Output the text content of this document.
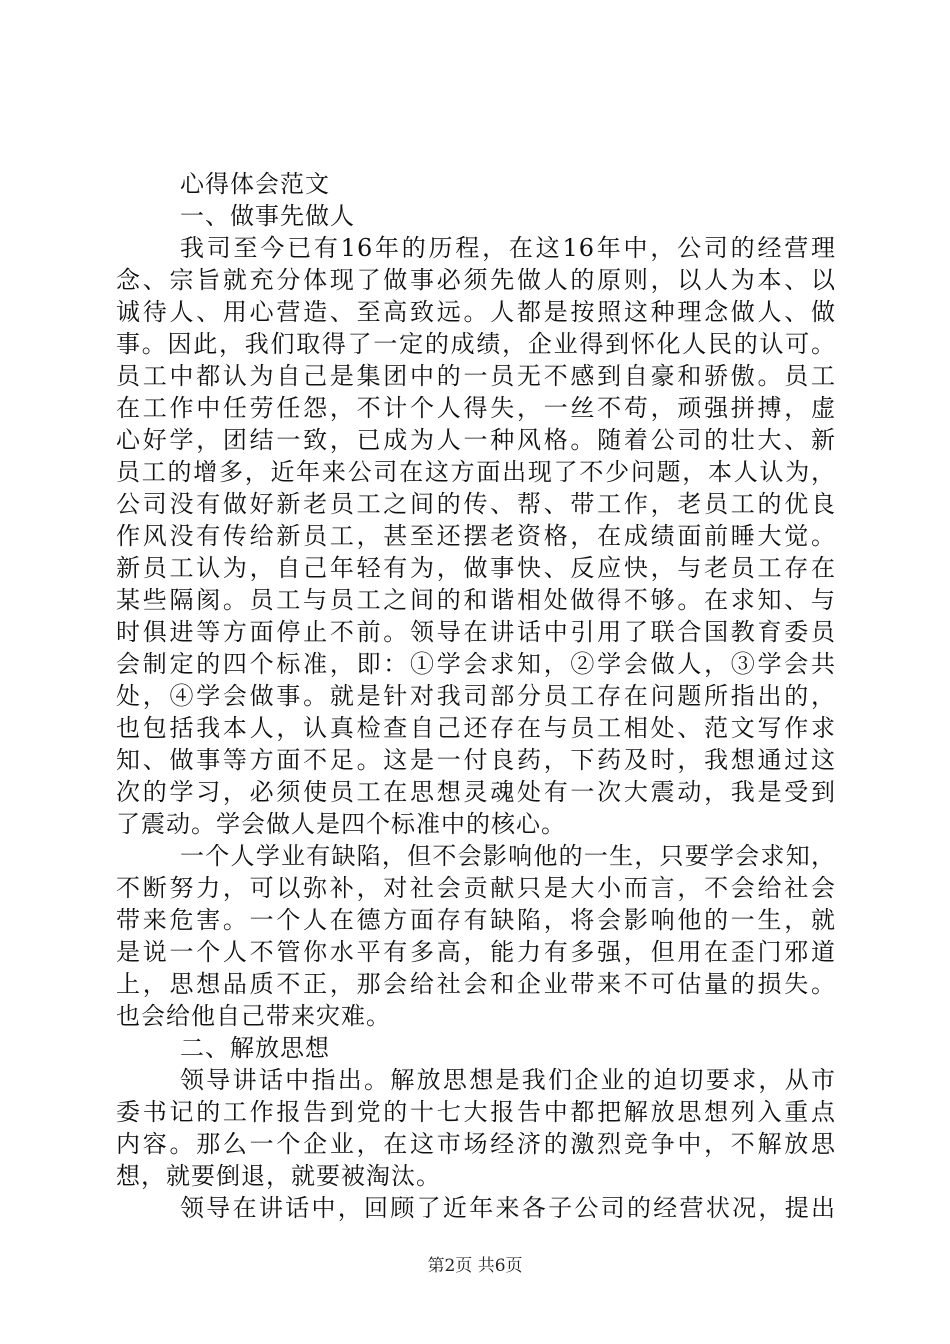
心得体会范文
一、做事先做人
我司至今已有16年的历程，在这16年中，公司的经营理
念、宗旨就充分体现了做事必须先做人的原则，以人为本、以
诚待人、用心营造、至高致远。人都是按照这种理念做人、做
事。因此，我们取得了一定的成绩，企业得到怀化人民的认可。
员工中都认为自己是集团中的一员无不感到自豪和骄傲。员工
在工作中任劳任怨，不计个人得失，一丝不苟，顽强拼搏，虚
心好学，团结一致，已成为人一种风格。随着公司的壮大、新
员工的增多，近年来公司在这方面出现了不少问题，本人认为，
公司没有做好新老员工之间的传、帮、带工作，老员工的优良
作风没有传给新员工，甚至还摆老资格，在成绩面前睡大觉。
新员工认为，自己年轻有为，做事快、反应快，与老员工存在
某些隔阂。员工与员工之间的和谐相处做得不够。在求知、与
时俱进等方面停止不前。领导在讲话中引用了联合国教育委员
会制定的四个标准，即：①学会求知，②学会做人，③学会共
处，④学会做事。就是针对我司部分员工存在问题所指出的，
也包括我本人，认真检查自己还存在与员工相处、范文写作求
知、做事等方面不足。这是一付良药，下药及时，我想通过这
次的学习，必须使员工在思想灵魂处有一次大震动，我是受到
了震动。学会做人是四个标准中的核心。
一个人学业有缺陷，但不会影响他的一生，只要学会求知，
不断努力，可以弥补，对社会贡献只是大小而言，不会给社会
带来危害。一个人在德方面存有缺陷，将会影响他的一生，就
是说一个人不管你水平有多高，能力有多强，但用在歪门邪道
上，思想品质不正，那会给社会和企业带来不可估量的损失。
也会给他自己带来灾难。
二、解放思想
领导讲话中指出。解放思想是我们企业的迫切要求，从市
委书记的工作报告到党的十七大报告中都把解放思想列入重点
内容。那么一个企业，在这市场经济的激烈竞争中，不解放思
想，就要倒退，就要被淘汰。
领导在讲话中，回顾了近年来各子公司的经营状况，提出
第2页 共6页
